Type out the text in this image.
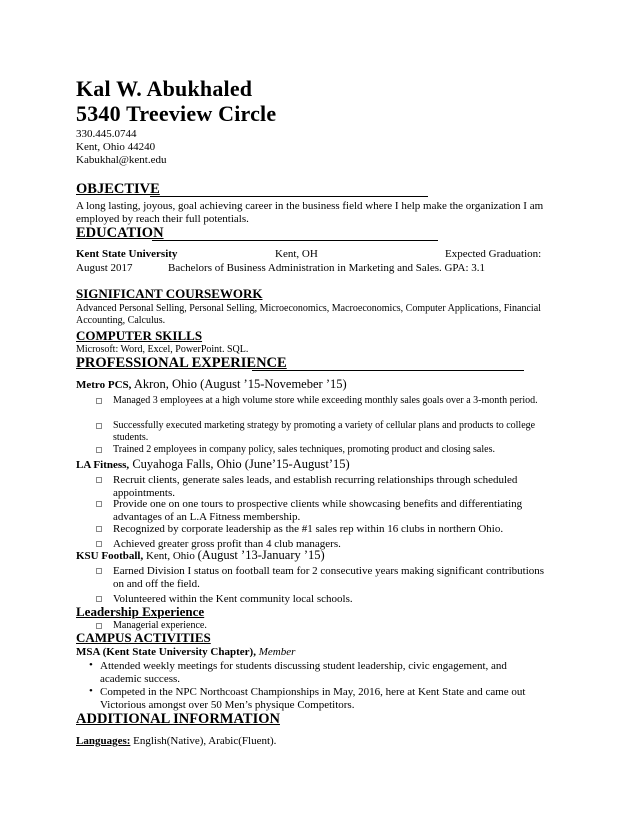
Kal W. Abukhaled
5340 Treeview Circle
330.445.0744
Kent, Ohio 44240
Kabukhal@kent.edu
OBJECTIVE
A long lasting, joyous, goal achieving career in the business field where I help make the organization I am employed by reach their full potentials.
EDUCATION
Kent State University	Kent, OH	Expected Graduation:
August 2017	Bachelors of Business Administration in Marketing and Sales. GPA: 3.1
SIGNIFICANT COURSEWORK
Advanced Personal Selling, Personal Selling, Microeconomics, Macroeconomics, Computer Applications, Financial Accounting, Calculus.
COMPUTER SKILLS
Microsoft: Word, Excel, PowerPoint. SQL.
PROFESSIONAL EXPERIENCE
Metro PCS, Akron, Ohio (August ’15-Novemeber ’15)
Managed 3 employees at a high volume store while exceeding monthly sales goals over a 3-month period.
Successfully executed marketing strategy by promoting a variety of cellular plans and products to college students.
Trained 2 employees in company policy, sales techniques, promoting product and closing sales.
LA Fitness, Cuyahoga Falls, Ohio (June’15-August’15)
Recruit clients, generate sales leads, and establish recurring relationships through scheduled appointments.
Provide one on one tours to prospective clients while showcasing benefits and differentiating advantages of an L.A Fitness membership.
Recognized by corporate leadership as the #1 sales rep within 16 clubs in northern Ohio.
Achieved greater gross profit than 4 club managers.
KSU Football, Kent, Ohio (August ’13-January ’15)
Earned Division I status on football team for 2 consecutive years making significant contributions on and off the field.
Volunteered within the Kent community local schools.
Leadership Experience
Managerial experience.
CAMPUS ACTIVITIES
MSA (Kent State University Chapter), Member
• Attended weekly meetings for students discussing student leadership, civic engagement, and academic success.
• Competed in the NPC Northcoast Championships in May, 2016, here at Kent State and came out Victorious amongst over 50 Men’s physique Competitors.
ADDITIONAL INFORMATION
Languages: English(Native), Arabic(Fluent).
